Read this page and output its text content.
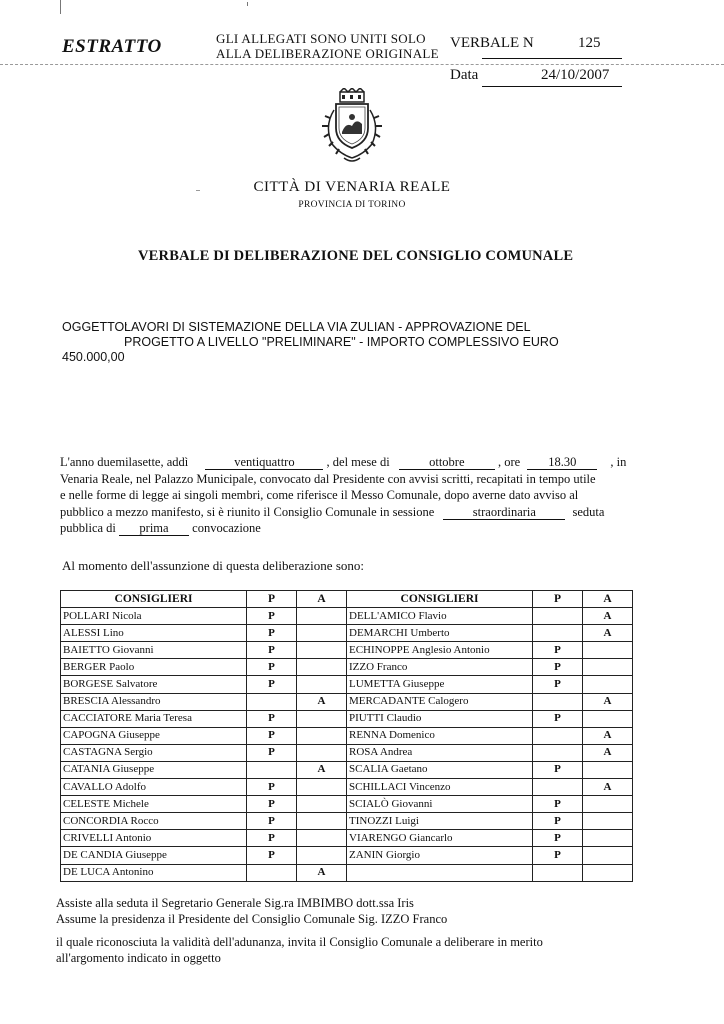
ESTRATTO	GLI ALLEGATI SONO UNITI SOLO
ALLA DELIBERAZIONE ORIGINALE
VERBALE N	125
Data	24/10/2007
CITTÀ DI VENARIA REALE
PROVINCIA DI TORINO
VERBALE DI DELIBERAZIONE DEL CONSIGLIO COMUNALE
OGGETTO:
LAVORI DI SISTEMAZIONE DELLA VIA ZULIAN - APPROVAZIONE DEL
PROGETTO A LIVELLO "PRELIMINARE" - IMPORTO COMPLESSIVO EURO
450.000,00
L'anno duemilasette, addì	ventiquattro	, del mese di	ottobre	, ore 18.30	, in
Venaria Reale, nel Palazzo Municipale, convocato dal Presidente con avvisi scritti, recapitati in tempo utile
e nelle forme di legge ai singoli membri, come riferisce il Messo Comunale, dopo averne dato avviso al
pubblico a mezzo manifesto, si è riunito il Consiglio Comunale in sessione	straordinaria	seduta
pubblica di prima convocazione
Al momento dell'assunzione di questa deliberazione sono:
CONSIGLIERI	P	A	CONSIGLIERI	P	A
POLLARI Nicola	P		DELL'AMICO Flavio		A
ALESSI Lino	P		DEMARCHI Umberto		A
BAIETTO Giovanni	P		ECHINOPPE Anglesio Antonio	P	
BERGER Paolo	P		IZZO Franco	P	
BORGESE Salvatore	P		LUMETTA Giuseppe	P	
BRESCIA Alessandro		A	MERCADANTE Calogero		A
CACCIATORE Maria Teresa	P		PIUTTI Claudio	P	
CAPOGNA Giuseppe	P		RENNA Domenico		A
CASTAGNA Sergio	P		ROSA Andrea		A
CATANIA Giuseppe		A	SCALIA Gaetano	P	
CAVALLO Adolfo	P		SCHILLACI Vincenzo		A
CELESTE Michele	P		SCIALÒ Giovanni	P	
CONCORDIA Rocco	P		TINOZZI Luigi	P	
CRIVELLI Antonio	P		VIARENGO Giancarlo	P	
DE CANDIA Giuseppe	P		ZANIN Giorgio	P	
DE LUCA Antonino		A			

Assiste alla seduta il Segretario Generale Sig.ra IMBIMBO dott.ssa Iris

Assume la presidenza il Presidente del Consiglio Comunale Sig. IZZO Franco

il quale riconosciuta la validità dell'adunanza, invita il Consiglio Comunale a deliberare in merito

all'argomento indicato in oggetto
